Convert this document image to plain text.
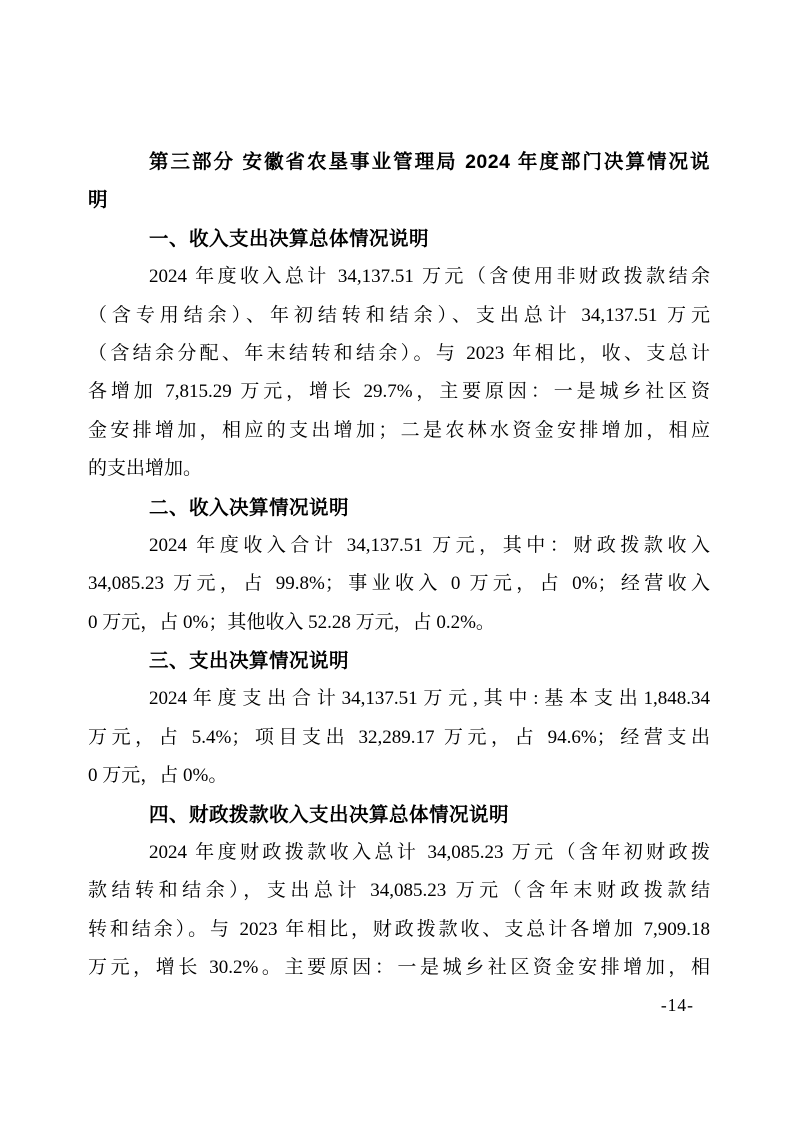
第三部分 安徽省农垦事业管理局 2024 年度部门决算情况说
明
一、收入支出决算总体情况说明
2024 年度收入总计 34,137.51 万元（含使用非财政拨款结余
（含专用结余）、年初结转和结余）、支出总计 34,137.51 万元
（含结余分配、年末结转和结余）。与 2023 年相比，收、支总计
各增加 7,815.29 万元，增长 29.7%，主要原因：一是城乡社区资
金安排增加，相应的支出增加；二是农林水资金安排增加，相应
的支出增加。
二、收入决算情况说明
2024 年度收入合计 34,137.51 万元，其中：财政拨款收入
34,085.23 万元，占 99.8%；事业收入 0 万元，占 0%；经营收入
0 万元，占 0%；其他收入 52.28 万元，占 0.2%。
三、支出决算情况说明
2024年度支出合计34,137.51万元,其中:基本支出1,848.34
万元，占 5.4%；项目支出 32,289.17 万元，占 94.6%；经营支出
0 万元，占 0%。
四、财政拨款收入支出决算总体情况说明
2024 年度财政拨款收入总计 34,085.23 万元（含年初财政拨
款结转和结余），支出总计 34,085.23 万元（含年末财政拨款结
转和结余）。与 2023 年相比，财政拨款收、支总计各增加 7,909.18
万元，增长 30.2%。主要原因：一是城乡社区资金安排增加，相
-14-
